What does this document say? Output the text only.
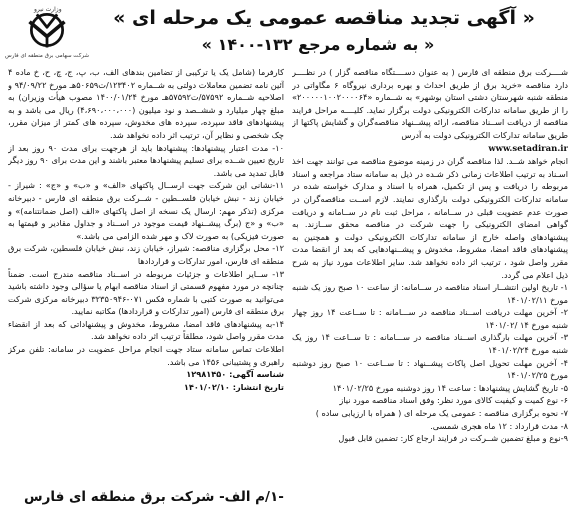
وزارت نیرو
شرکت سهامی برق منطقه ای فارس
« آگهی تجدید مناقصه عمومی یک مرحله ای »
« به شماره مرجع ۱۳۲-۱۴۰۰ »

شــــرکت برق منطقه ای فارس ( به عنوان دســــتگاه مناقصه گزار ) در نظــــر دارد مناقصه «خرید برق از طریق احداث و بهره برداری نیروگاه ۶ مگاواتی در منطقه شنبه شهرستان دشتی استان بوشهر» به شــماره «۲۰۰۰۰۰۱۰۰۲۰۰۰۰۶۴» را از طریق سامانه تدارکات الکترونیکی دولت برگزار نماید. کلیــــه مراحل فرایند مناقصه از دریافت اســناد مناقصه، ارائه پیشــنهاد مناقصه‌گران و گشایش پاکتها از طریق سامانه تدارکات الکترونیکی دولت به آدرس

www.setadiran.ir

انجام خواهد شــد. لذا مناقصه گران در زمینه موضوع مناقصه می توانند جهت اخذ اسـناد به ترتیب اطلاعات زمانی ذکر شـده در ذیل به سامانه ستاد مراجعه و اسناد مربوطه را دریافت و پس از تکمیل، همراه با اسناد و مدارک خواسته شده در سامانه تدارکات الکترونیکی دولت بارگذاری نمایند. لازم اســت مناقصه‌گران در صورت عدم عضویت قبلی در ســامانه ، مراحل ثبت نام در ســامانه و دریافت گواهی امضای الکترونیکی را جهت شرکت در مناقصه محقق ســازند. به پیشنهادهای واصله خارج از سامانه تدارکات الکترونیکی دولت و همچنین به پیشنهادهای فاقد امضا، مشروط، مخدوش و پیشــنهادهایی که بعد از انقضا مدت مقرر واصل شود ، ترتیب اثر داده نخواهد شد. سایر اطلاعات مورد نیاز به شرح ذیل اعلام می گردد.

۱- تاریخ اولین انتشــار اسناد مناقصه در ســامانه: از ساعت ۱۰ صبح روز یک شنبه مورخ ۱۴۰۱/۰۲/۱۱

۲- آخرین مهلت دریافت اســناد مناقصه در ســـامانه : تا ســاعت ۱۴ روز چهار شنبه مورخ ۱۴ /۱۴۰۱/۰۲

۳- آخرین مهلت بارگذاری اســناد مناقصه در ســـامانه : تا ســاعت ۱۴ روز یک شنبه مورخ ۱۴۰۱/۰۲/۲۴

۴- آخرین مهلت تحویل اصل پاکات پیشــنهاد : تا ســاعت ۱۰ صبح روز دوشنبه مورخ ۱۴۰۱/۰۲/۲۵

۵- تاریخ گشایش پیشنهادها : ساعت ۱۴ روز دوشنبه مورخ ۱۴۰۱/۰۲/۲۵

۶- نوع کمیت و کیفیت کالای مورد نظر: وفق اسناد مناقصه مورد نیاز

۷- نحوه برگزاری مناقصه : عمومی یک مرحله ای ( همراه با ارزیابی ساده )

۸- مدت قرارداد : ۱۲ ماه هجری شمسی.

۹-نوع و مبلغ تضمین شــرکت در فرایند ارجاع کار: تضمین قابل قبول

کارفرما (شامل یک یا ترکیبی از تضامین بندهای الف، ب، پ، ج، چ، ح، خ ماده ۴ آئین نامه تضمین معاملات دولتی به شــماره ۱۲۳۴۰۲/ت۵۰۶۵۹هـ مورخ ۹۴/۰۹/۲۲ و اصلاحیه شــماره ۵۷۵۹۲/ت۵۷۵۹۲هـ مورخ ۱۴۰۰/۰۱/۲۴ مصوب هیأت وزیران) به مبلغ چهار میلیارد و ششــصد و نود میلیون (۴،۶۹۰،۰۰۰،۰۰۰) ریال می باشد و به پیشنهادهای فاقد سپرده، سپرده های مخدوش، سپرده های کمتر از میزان مقرر، چک شخصی و نظایر آن، ترتیب اثر داده نخواهد شد.

۱۰- مدت اعتبار پیشنهادها: پیشنهادها باید از هرجهت برای مدت ۹۰ روز بعد از تاریخ تعیین شــده برای تسلیم پیشنهادها معتبر باشند و این مدت برای ۹۰ روز دیگر قابل تمدید می باشد.

۱۱-نشانی این شرکت جهت ارســال پاکتهای «الف» و «ب» و «ج» : شیراز - خیابان زند - نبش خیابان فلســطین - شــرکت برق منطقه ای فارس - دبیرخانه مرکزی (تذکر مهم: ارسال یک نسخه از اصل پاکتهای «الف (اصل ضمانتنامه)» و «ب» و «ج (برگ پیشــنهاد قیمت موجود در اســناد و جداول مقادیر و قیمتها به صورت فیزیکی) به صورت لاک و مهر شده الزامی می باشد.»

۱۲- محل برگزاری مناقصه: شیراز، خیابان زند، نبش خیابان فلسطین، شرکت برق منطقه ای فارس، امور تدارکات و قراردادها

۱۳- ســایر اطلاعات و جزئیات مربوطه در اســناد مناقصه مندرج است. ضمناً چنانچه در مورد مفهوم قسمتی از اسناد مناقصه ابهام یا سؤالی وجود داشته باشید می‌توانید به صورت کتبی با شماره فکس ۰۷۱-۳۲۳۵۰۹۴۶ دبیرخانه مرکزی شرکت برق منطقه ای فارس (امور تدارکات و قراردادها) مکاتبه نمایید.

۱۴-به پیشنهادهای فاقد امضا، مشروط، مخدوش و پیشنهاداتی که بعد از انقضاء مدت مقرر واصل شود، مطلقاً ترتیب اثر داده نخواهد شد.

اطلاعات تماس سامانه ستاد جهت انجام مراحل عضویت در سامانه: تلفن مرکز راهبری و پشتیبانی ۱۴۵۶ می باشد.

شناسه آگهی: ۱۲۹۸۱۴۵۰

تاریخ انتشار: ۱۴۰۱/۰۲/۱۰

-۱/م الف- شرکت برق منطقه ای فارس
